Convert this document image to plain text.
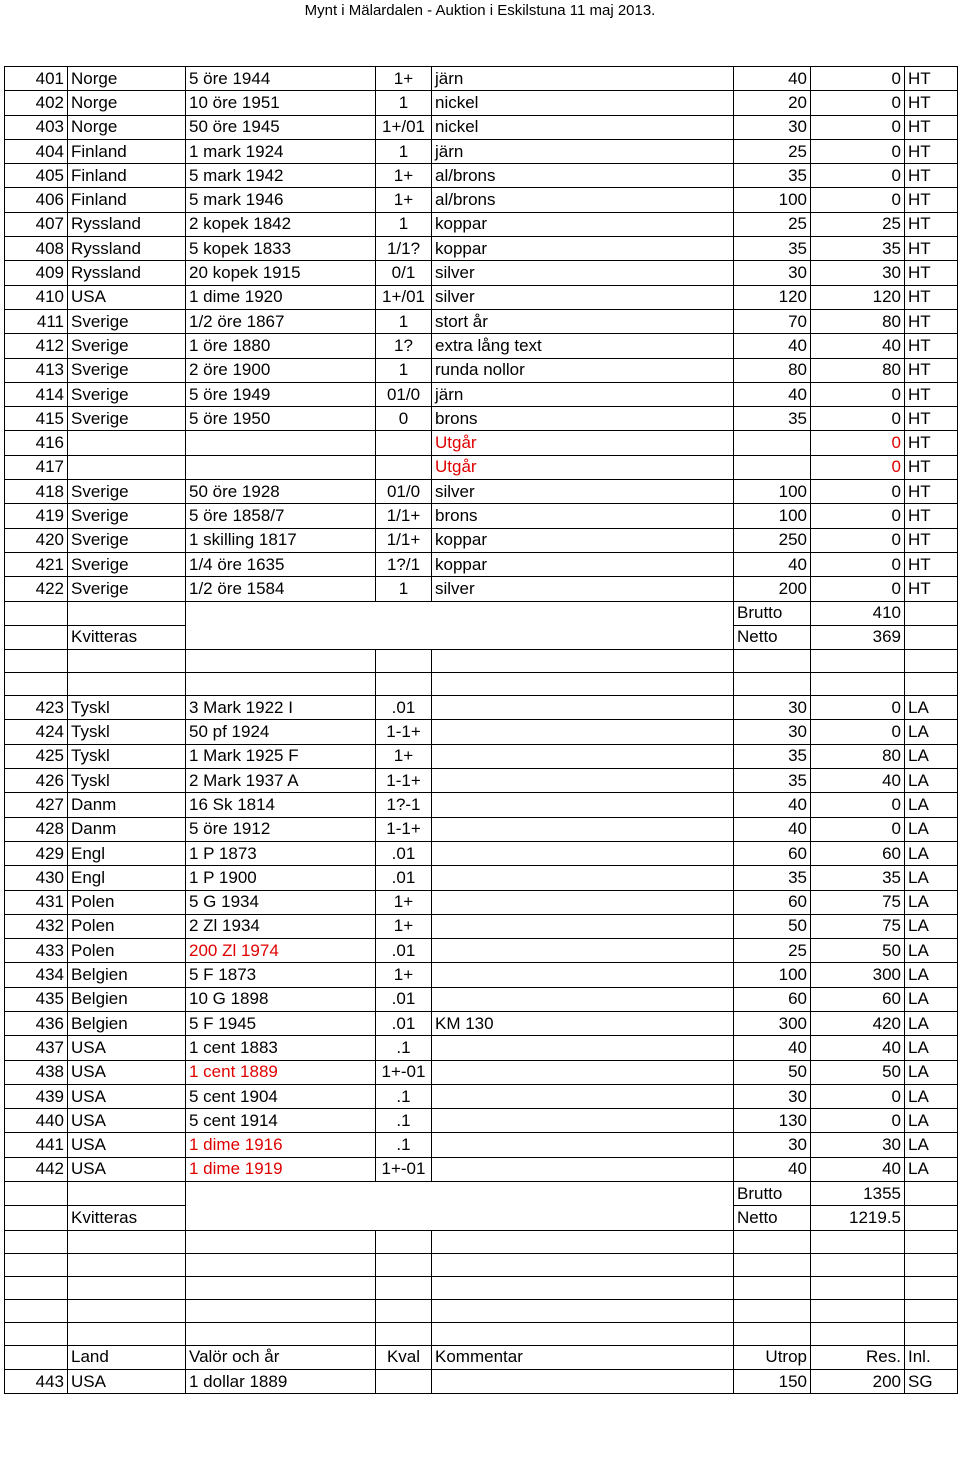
Mynt i Mälardalen - Auktion i Eskilstuna 11 maj 2013.
401	Norge	5 öre 1944	1+	järn	40	0	HT
402	Norge	10 öre 1951	1	nickel	20	0	HT
403	Norge	50 öre 1945	1+/01	nickel	30	0	HT
404	Finland	1 mark 1924	1	järn	25	0	HT
405	Finland	5 mark 1942	1+	al/brons	35	0	HT
406	Finland	5 mark 1946	1+	al/brons	100	0	HT
407	Ryssland	2 kopek 1842	1	koppar	25	25	HT
408	Ryssland	5 kopek 1833	1/1?	koppar	35	35	HT
409	Ryssland	20 kopek 1915	0/1	silver	30	30	HT
410	USA	1 dime 1920	1+/01	silver	120	120	HT
411	Sverige	1/2 öre 1867	1	stort år	70	80	HT
412	Sverige	1 öre 1880	1?	extra lång text	40	40	HT
413	Sverige	2 öre 1900	1	runda nollor	80	80	HT
414	Sverige	5 öre 1949	01/0	järn	40	0	HT
415	Sverige	5 öre 1950	0	brons	35	0	HT
416				Utgår		0	HT
417				Utgår		0	HT
418	Sverige	50 öre 1928	01/0	silver	100	0	HT
419	Sverige	5 öre 1858/7	1/1+	brons	100	0	HT
420	Sverige	1 skilling 1817	1/1+	koppar	250	0	HT
421	Sverige	1/4 öre 1635	1?/1	koppar	40	0	HT
422	Sverige	1/2 öre 1584	1	silver	200	0	HT
					Brutto	410	
	Kvitteras				Netto	369	

423	Tyskl	3 Mark 1922 I	.01		30	0	LA
424	Tyskl	50 pf 1924	1-1+		30	0	LA
425	Tyskl	1 Mark 1925 F	1+		35	80	LA
426	Tyskl	2 Mark 1937 A	1-1+		35	40	LA
427	Danm	16 Sk 1814	1?-1		40	0	LA
428	Danm	5 öre 1912	1-1+		40	0	LA
429	Engl	1 P 1873	.01		60	60	LA
430	Engl	1 P 1900	.01		35	35	LA
431	Polen	5 G 1934	1+		60	75	LA
432	Polen	2 Zl 1934	1+		50	75	LA
433	Polen	200 Zl 1974	.01		25	50	LA
434	Belgien	5 F 1873	1+		100	300	LA
435	Belgien	10 G 1898	.01		60	60	LA
436	Belgien	5 F 1945	.01	KM 130	300	420	LA
437	USA	1 cent 1883	.1		40	40	LA
438	USA	1 cent 1889	1+-01		50	50	LA
439	USA	5 cent 1904	.1		30	0	LA
440	USA	5 cent 1914	.1		130	0	LA
441	USA	1 dime 1916	.1		30	30	LA
442	USA	1 dime 1919	1+-01		40	40	LA
					Brutto	1355	
	Kvitteras				Netto	1219.5	

	Land	Valör och år	Kval	Kommentar	Utrop	Res.	Inl.
443	USA	1 dollar 1889			150	200	SG
